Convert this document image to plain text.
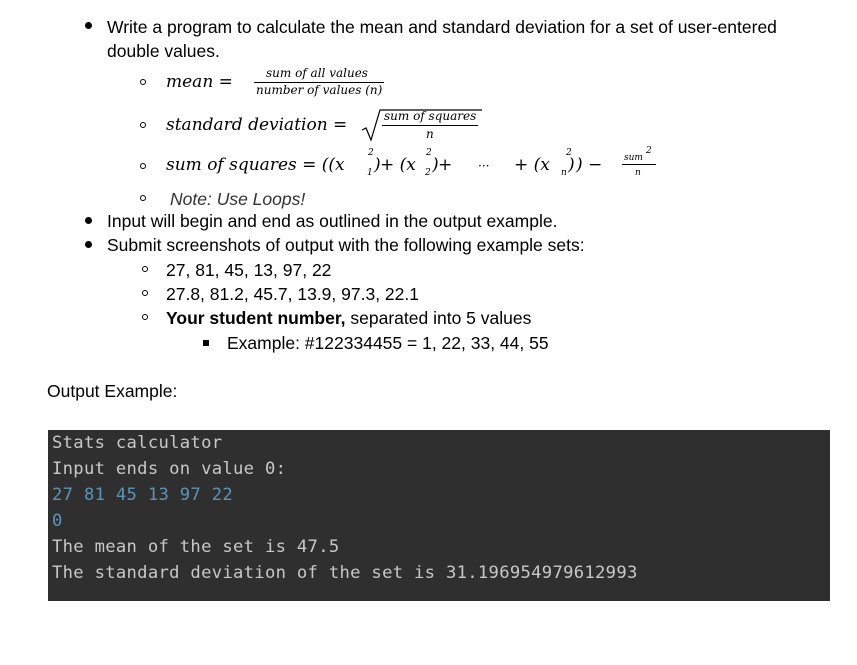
Write a program to calculate the mean and standard deviation for a set of user-entered
double values.
mean =	sum of all values
number of values (n)
standard deviation =	sum of squares
n
sum of squares = ((x 1 )
2
+ (x 2 )
2
+ ··· + (x n
2
) ) − sum
2
n
Note: Use Loops!
Input will begin and end as outlined in the output example.
Submit screenshots of output with the following example sets:
27, 81, 45, 13, 97, 22
27.8, 81.2, 45.7, 13.9, 97.3, 22.1
Your student number, separated into 5 values
Example: #122334455 = 1, 22, 33, 44, 55
Output Example:
Stats calculator
Input ends on value 0:
27 81 45 13 97 22
0
The mean of the set is 47.5
The standard deviation of the set is 31.196954979612993
